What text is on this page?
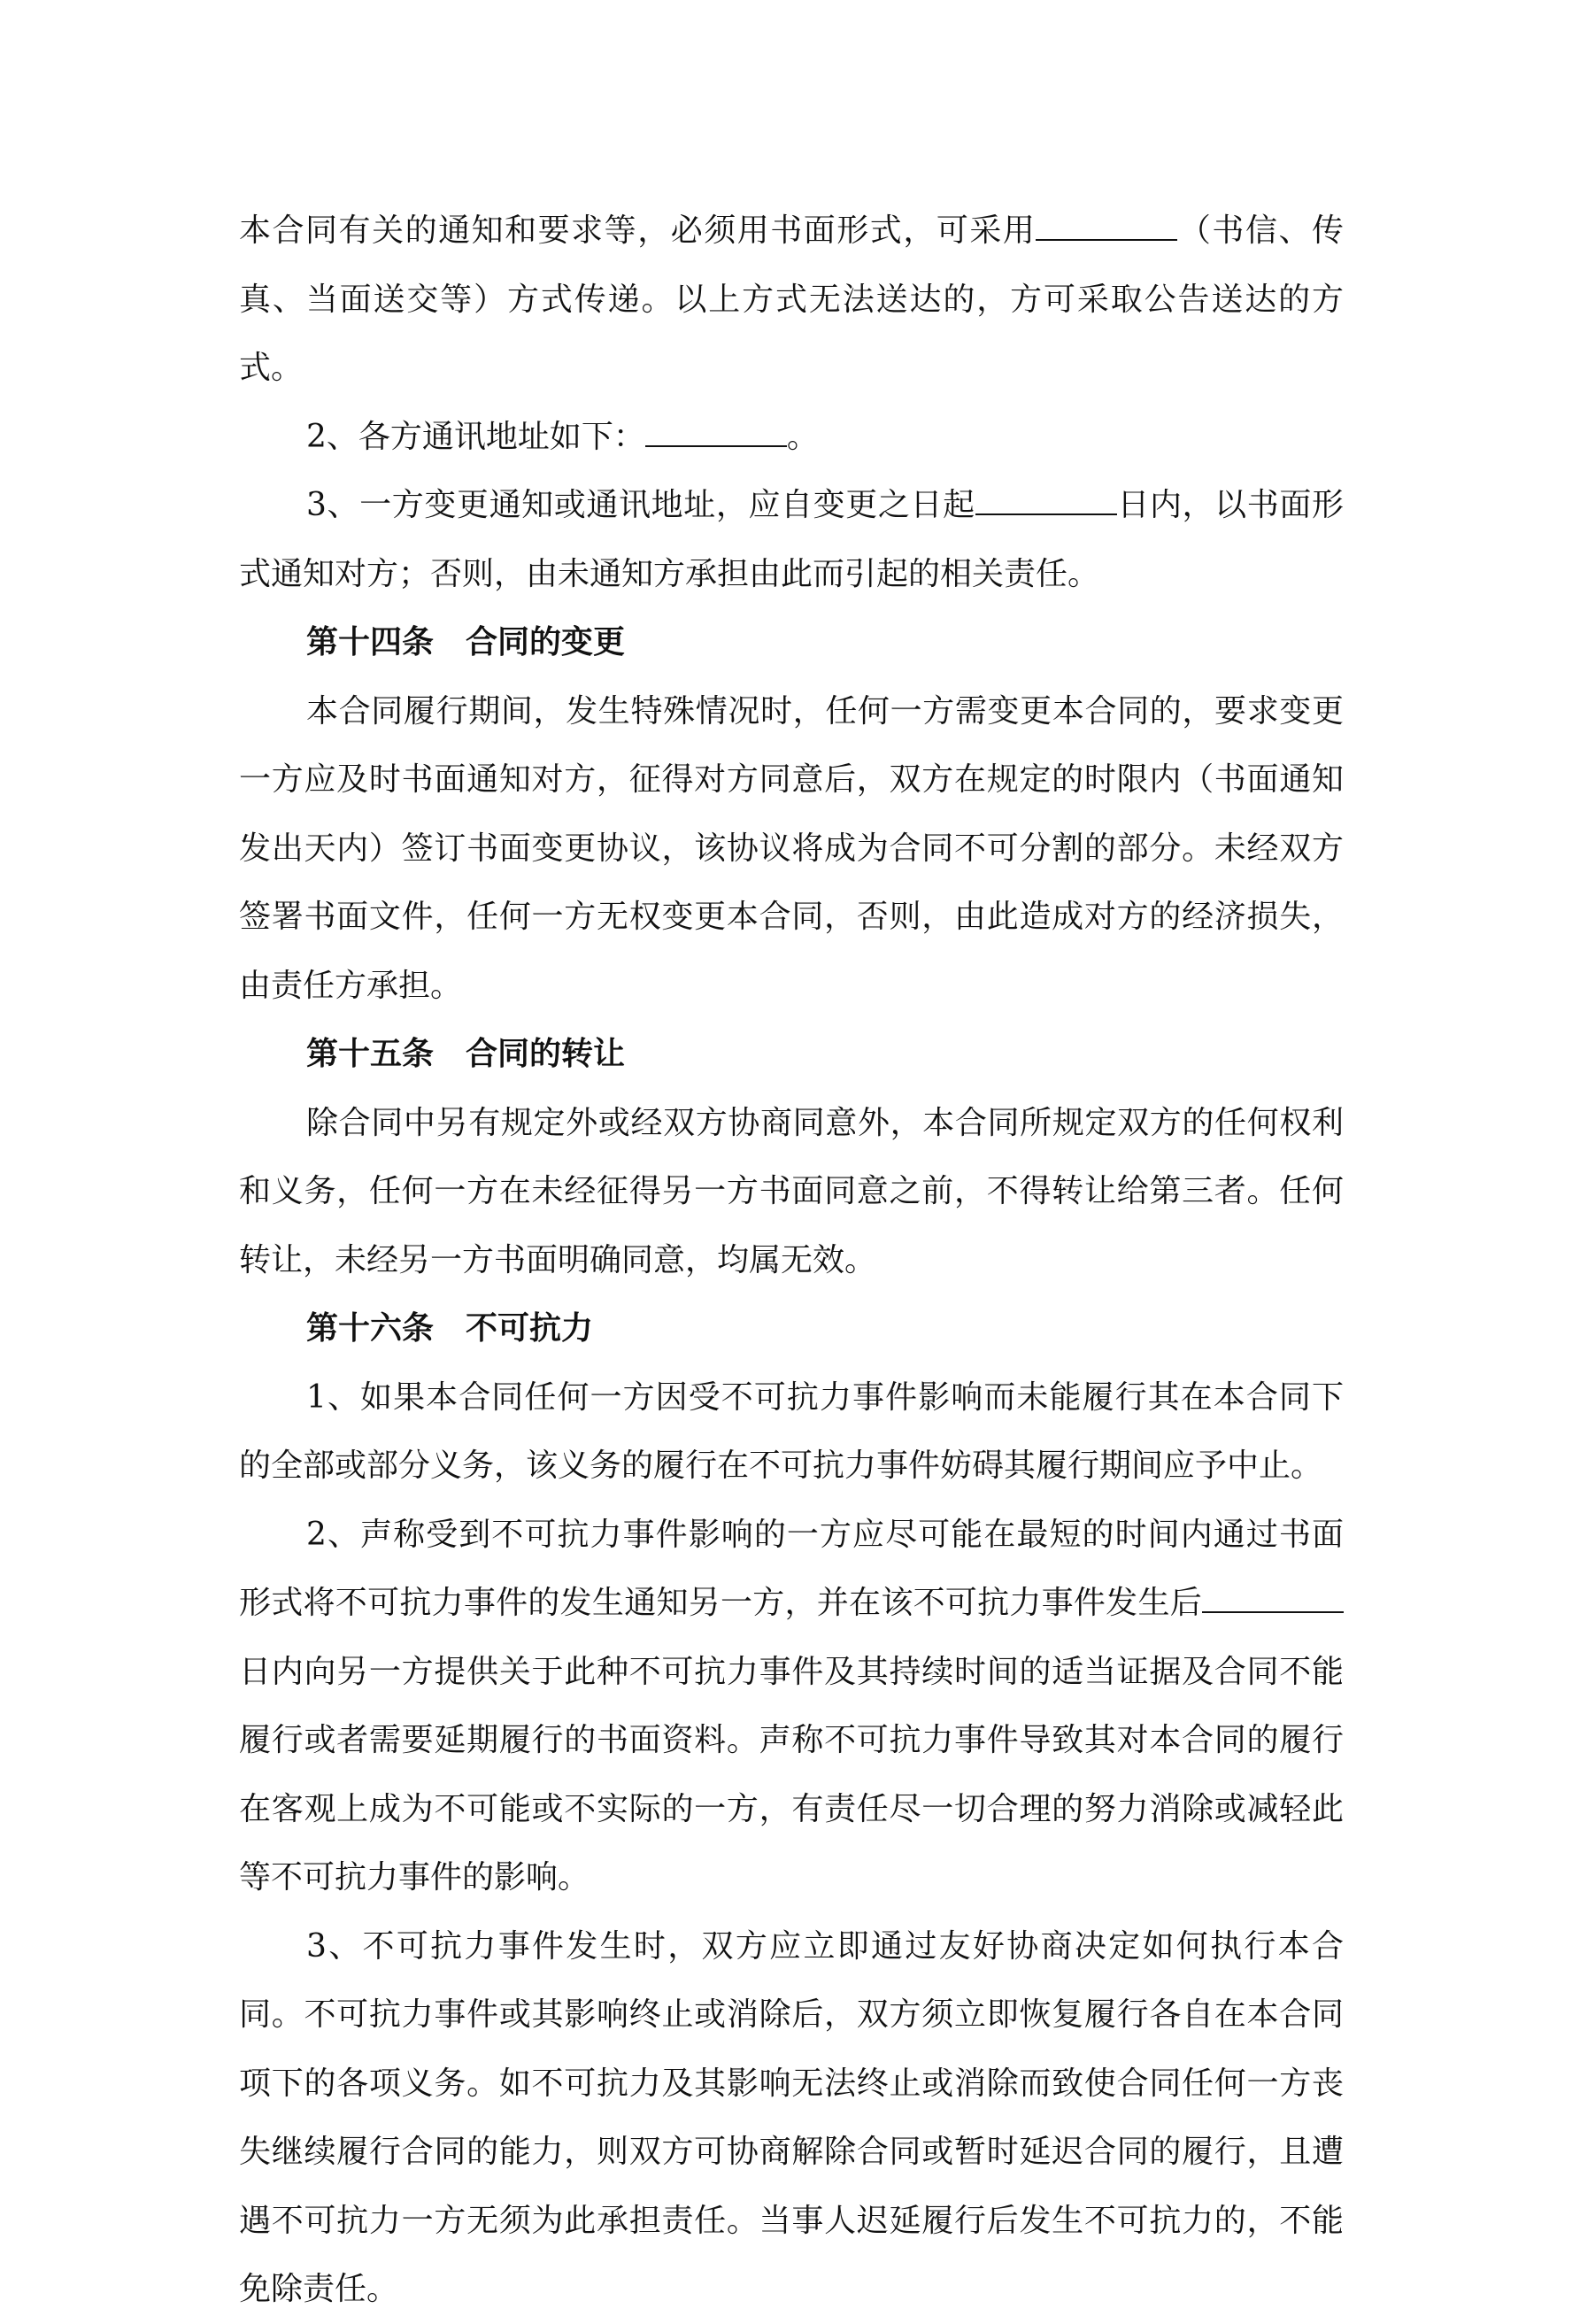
本合同有关的通知和要求等，必须用书面形式，可采用	（书信、传真、当面送交等）方式传递。以上方式无法送达的，方可采取公告送达的方式。

2、各方通讯地址如下：	。

3、一方变更通知或通讯地址，应自变更之日起	日内，以书面形式通知对方；否则，由未通知方承担由此而引起的相关责任。

第十四条　合同的变更

本合同履行期间，发生特殊情况时，任何一方需变更本合同的，要求变更一方应及时书面通知对方，征得对方同意后，双方在规定的时限内（书面通知发出天内）签订书面变更协议，该协议将成为合同不可分割的部分。未经双方签署书面文件，任何一方无权变更本合同，否则，由此造成对方的经济损失，由责任方承担。

第十五条　合同的转让

除合同中另有规定外或经双方协商同意外，本合同所规定双方的任何权利和义务，任何一方在未经征得另一方书面同意之前，不得转让给第三者。任何转让，未经另一方书面明确同意，均属无效。

第十六条　不可抗力

1、如果本合同任何一方因受不可抗力事件影响而未能履行其在本合同下的全部或部分义务，该义务的履行在不可抗力事件妨碍其履行期间应予中止。

2、声称受到不可抗力事件影响的一方应尽可能在最短的时间内通过书面形式将不可抗力事件的发生通知另一方，并在该不可抗力事件发生后日内向另一方提供关于此种不可抗力事件及其持续时间的适当证据及合同不能履行或者需要延期履行的书面资料。声称不可抗力事件导致其对本合同的履行在客观上成为不可能或不实际的一方，有责任尽一切合理的努力消除或减轻此等不可抗力事件的影响。

3、不可抗力事件发生时，双方应立即通过友好协商决定如何执行本合同。不可抗力事件或其影响终止或消除后，双方须立即恢复履行各自在本合同项下的各项义务。如不可抗力及其影响无法终止或消除而致使合同任何一方丧失继续履行合同的能力，则双方可协商解除合同或暂时延迟合同的履行，且遭遇不可抗力一方无须为此承担责任。当事人迟延履行后发生不可抗力的，不能免除责任。
